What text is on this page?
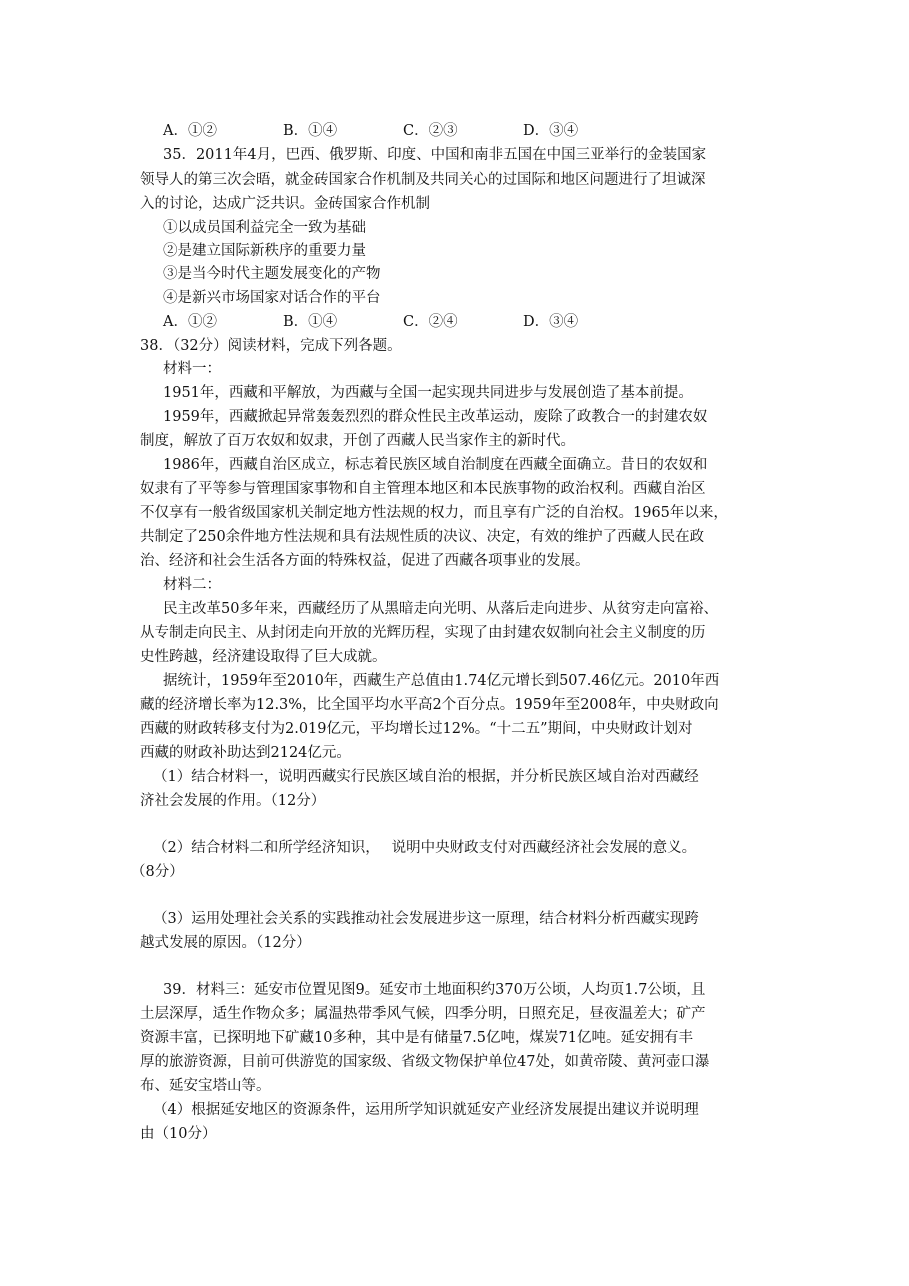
A．①②	B．①④	C．②③	D．③④
35．2011年4月，巴西、俄罗斯、印度、中国和南非五国在中国三亚举行的金装国家
领导人的第三次会晤，就金砖国家合作机制及共同关心的过国际和地区问题进行了坦诚深
入的讨论，达成广泛共识。金砖国家合作机制
①以成员国利益完全一致为基础
②是建立国际新秩序的重要力量
③是当今时代主题发展变化的产物
④是新兴市场国家对话合作的平台
A．①②	B．①④	C．②④	D．③④
38．（32分）阅读材料，完成下列各题。
材料一：
1951年，西藏和平解放，为西藏与全国一起实现共同进步与发展创造了基本前提。
1959年，西藏掀起异常轰轰烈烈的群众性民主改革运动，废除了政教合一的封建农奴
制度，解放了百万农奴和奴隶，开创了西藏人民当家作主的新时代。
1986年，西藏自治区成立，标志着民族区域自治制度在西藏全面确立。昔日的农奴和
奴隶有了平等参与管理国家事物和自主管理本地区和本民族事物的政治权利。西藏自治区
不仅享有一般省级国家机关制定地方性法规的权力，而且享有广泛的自治权。1965年以来，
共制定了250余件地方性法规和具有法规性质的决议、决定，有效的维护了西藏人民在政
治、经济和社会生活各方面的特殊权益，促进了西藏各项事业的发展。
材料二：
民主改革50多年来，西藏经历了从黑暗走向光明、从落后走向进步、从贫穷走向富裕、
从专制走向民主、从封闭走向开放的光辉历程，实现了由封建农奴制向社会主义制度的历
史性跨越，经济建设取得了巨大成就。
据统计，1959年至2010年，西藏生产总值由1.74亿元增长到507.46亿元。2010年西
藏的经济增长率为12.3%，比全国平均水平高2个百分点。1959年至2008年，中央财政向
西藏的财政转移支付为2.019亿元，平均增长过12%。“十二五”期间，中央财政计划对
西藏的财政补助达到2124亿元。
（1）结合材料一，说明西藏实行民族区域自治的根据，并分析民族区域自治对西藏经
济社会发展的作用。（12分）
（2）结合材料二和所学经济知识，　 说明中央财政支付对西藏经济社会发展的意义。
（8分）
（3）运用处理社会关系的实践推动社会发展进步这一原理，结合材料分析西藏实现跨
越式发展的原因。（12分）
39．材料三：延安市位置见图9。延安市土地面积约370万公顷，人均页1.7公顷，且
土层深厚，适生作物众多；属温热带季风气候，四季分明，日照充足，昼夜温差大；矿产
资源丰富，已探明地下矿藏10多种，其中是有储量7.5亿吨，煤炭71亿吨。延安拥有丰
厚的旅游资源，目前可供游览的国家级、省级文物保护单位47处，如黄帝陵、黄河壶口瀑
布、延安宝塔山等。
（4）根据延安地区的资源条件，运用所学知识就延安产业经济发展提出建议并说明理
由（10分）
